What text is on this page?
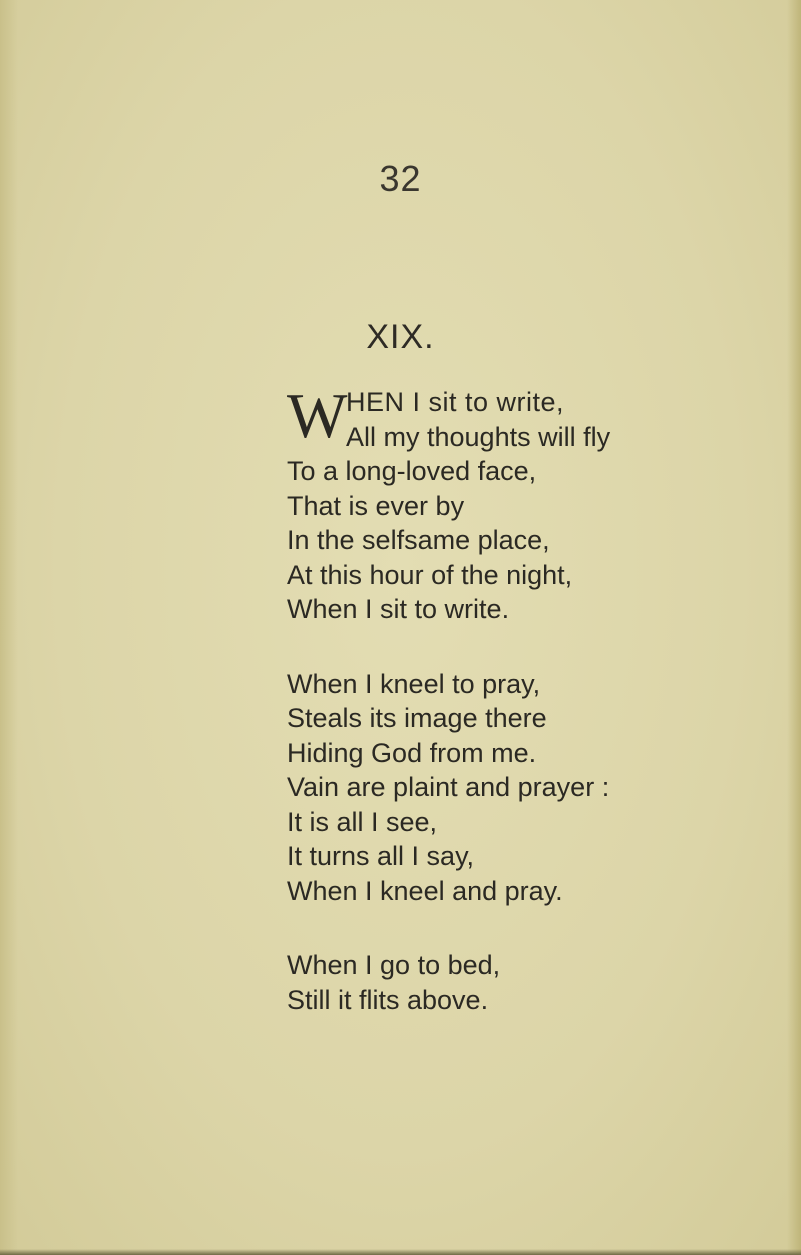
32
XIX.
W
HEN I sit to write,
All my thoughts will fly
To a long-loved face,
That is ever by
In the selfsame place,
At this hour of the night,
When I sit to write.
When I kneel to pray,
Steals its image there
Hiding God from me.
Vain are plaint and prayer :
It is all I see,
It turns all I say,
When I kneel and pray.
When I go to bed,
Still it flits above.
